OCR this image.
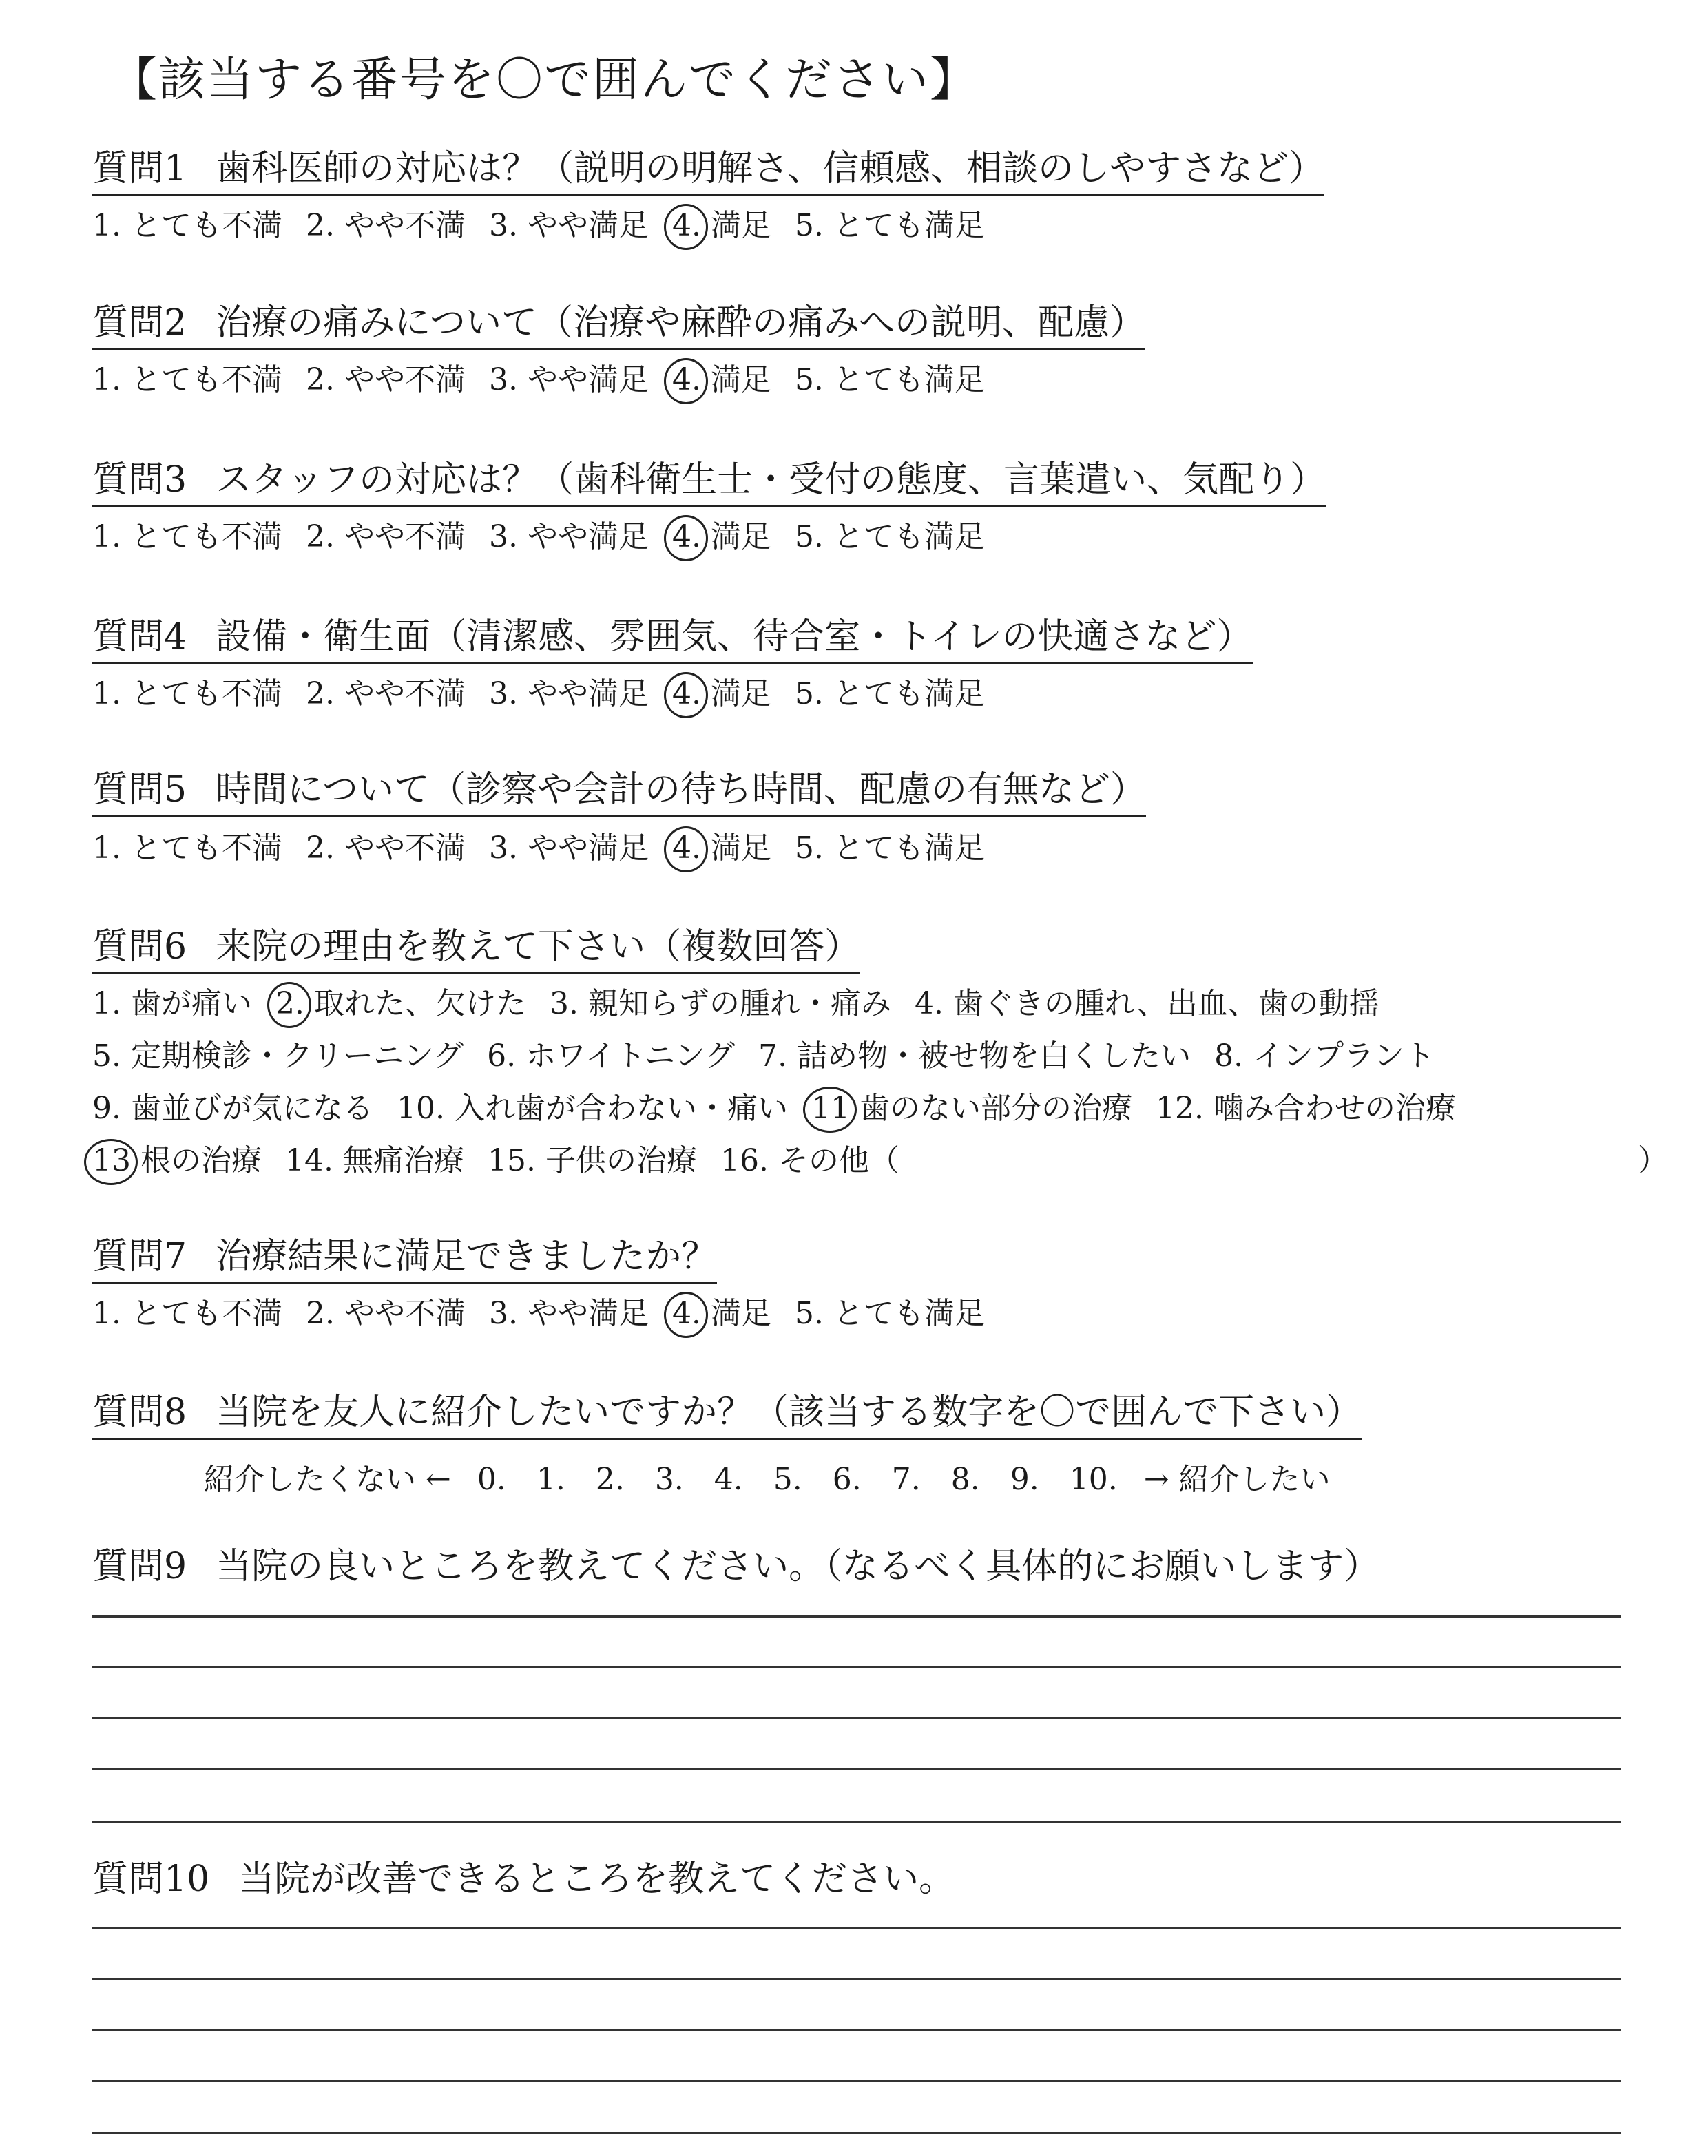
【該当する番号を〇で囲んでください】
質問1 歯科医師の対応は？（説明の明解さ、信頼感、相談のしやすさなど）
1. とても不満 2. やや不満 3. やや満足 4. 満足 5. とても満足
質問2 治療の痛みについて（治療や麻酔の痛みへの説明、配慮）
1. とても不満 2. やや不満 3. やや満足 4. 満足 5. とても満足
質問3 スタッフの対応は？（歯科衛生士・受付の態度、言葉遣い、気配り）
1. とても不満 2. やや不満 3. やや満足 4. 満足 5. とても満足
質問4 設備・衛生面（清潔感、雰囲気、待合室・トイレの快適さなど）
1. とても不満 2. やや不満 3. やや満足 4. 満足 5. とても満足
質問5 時間について（診察や会計の待ち時間、配慮の有無など）
1. とても不満 2. やや不満 3. やや満足 4. 満足 5. とても満足
質問6 来院の理由を教えて下さい（複数回答）
1. 歯が痛い 2. 取れた、欠けた 3. 親知らずの腫れ・痛み 4. 歯ぐきの腫れ、出血、歯の動揺
5. 定期検診・クリーニング 6. ホワイトニング 7. 詰め物・被せ物を白くしたい 8. インプラント
9. 歯並びが気になる 10. 入れ歯が合わない・痛い 11 歯のない部分の治療 12. 噛み合わせの治療
13 根の治療 14. 無痛治療 15. 子供の治療 16. その他（	）
質問7 治療結果に満足できましたか？
1. とても不満 2. やや不満 3. やや満足 4. 満足 5. とても満足
質問8 当院を友人に紹介したいですか？（該当する数字を〇で囲んで下さい）
紹介したくない ← 0. 1. 2. 3. 4. 5. 6. 7. 8. 9. 10. → 紹介したい
質問9 当院の良いところを教えてください。（なるべく具体的にお願いします）
質問10 当院が改善できるところを教えてください。
